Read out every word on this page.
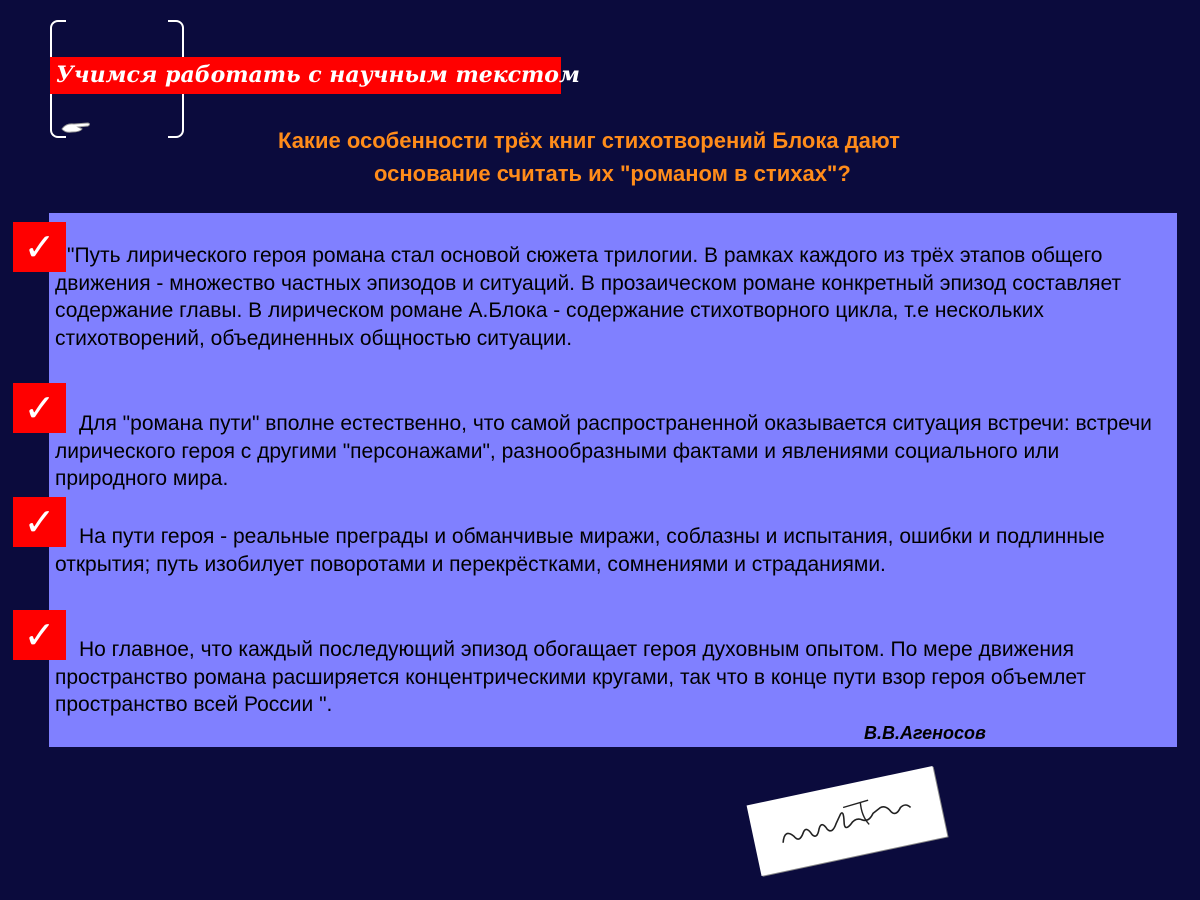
Учимся работать с научным текстом
Какие особенности трёх книг стихотворений Блока дают
основание считать их "романом в стихах"?
"Путь лирического героя романа стал основой сюжета трилогии. В рамках каждого из трёх этапов общего движения - множество частных эпизодов и ситуаций. В прозаическом романе конкретный эпизод составляет содержание главы. В лирическом романе А.Блока - содержание стихотворного цикла, т.е нескольких стихотворений, объединенных общностью ситуации.
Для "романа пути" вполне естественно, что самой распространенной оказывается ситуация встречи: встречи лирического героя с другими "персонажами", разнообразными фактами и явлениями социального или природного мира.
На пути героя - реальные преграды и обманчивые миражи, соблазны и испытания, ошибки и подлинные открытия; путь изобилует поворотами и перекрёстками, сомнениями и страданиями.
Но главное, что каждый последующий эпизод обогащает героя духовным опытом. По мере движения пространство романа расширяется концентрическими кругами, так что в конце пути взор героя объемлет пространство всей России ".
В.В.Агеносов
✓
✓
✓
✓
